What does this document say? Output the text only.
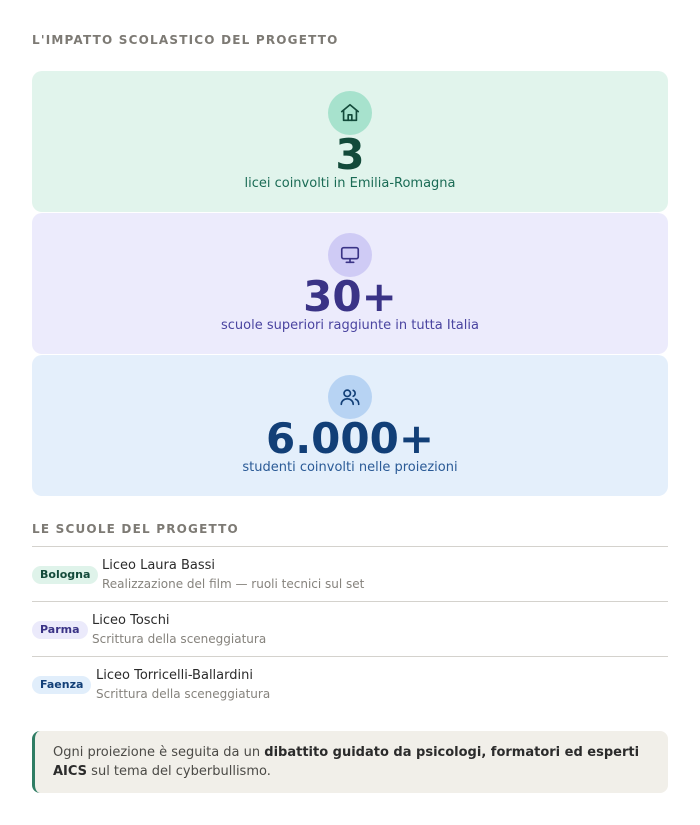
L'IMPATTO SCOLASTICO DEL PROGETTO
3
licei coinvolti in Emilia-Romagna
30+
scuole superiori raggiunte in tutta Italia
6.000+
studenti coinvolti nelle proiezioni
LE SCUOLE DEL PROGETTO
Bologna
Liceo Laura Bassi
Realizzazione del film — ruoli tecnici sul set
Parma
Liceo Toschi
Scrittura della sceneggiatura
Faenza
Liceo Torricelli-Ballardini
Scrittura della sceneggiatura
Ogni proiezione è seguita da un dibattito guidato da psicologi, formatori ed esperti AICS sul tema del cyberbullismo.
